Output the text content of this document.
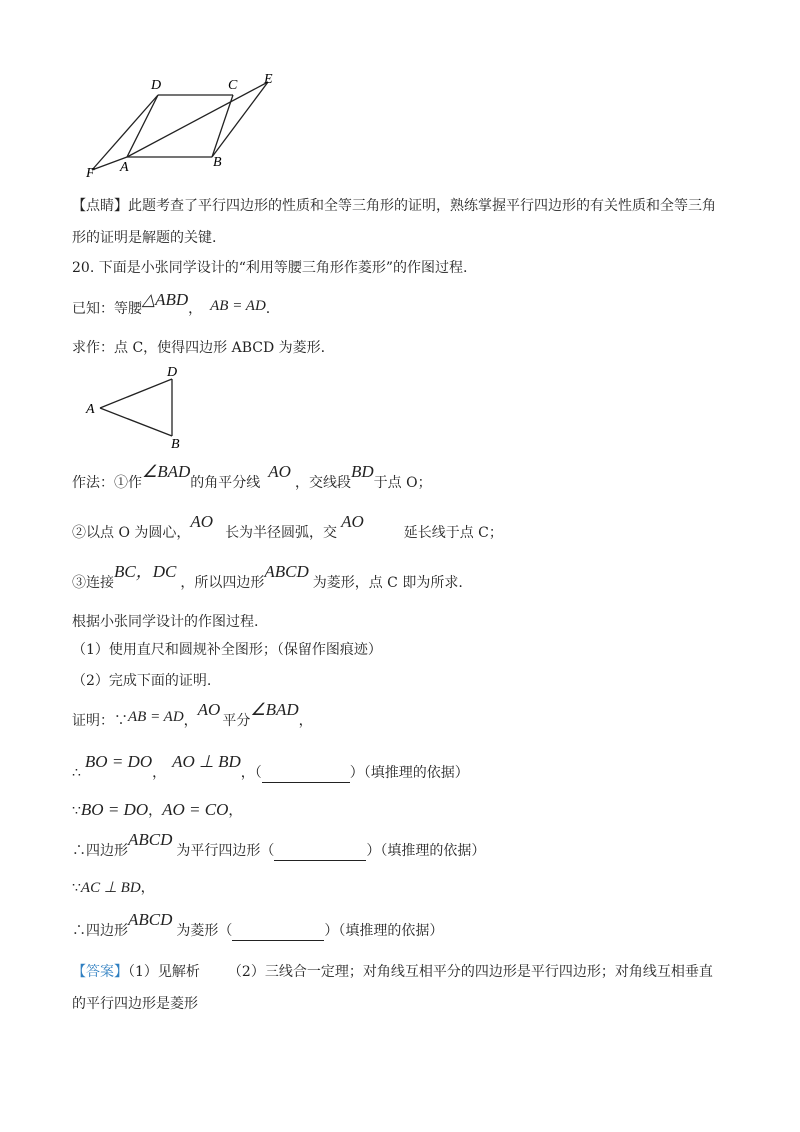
D	C E
A	B
F
【点睛】此题考查了平行四边形的性质和全等三角形的证明，熟练掌握平行四边形的有关性质和全等三角
形的证明是解题的关键.
20. 下面是小张同学设计的“利用等腰三角形作菱形”的作图过程.
已知：等腰△ABD， AB = AD.
求作：点 C，使得四边形 ABCD 为菱形.
D
A
B
作法：①作∠BAD的角平分线AO，交线段BD于点 O；
②以点 O 为圆心，AO长为半径圆弧，交AO延长线于点 C；
③连接BC，DC，所以四边形ABCD为菱形，点 C 即为所求.
根据小张同学设计的作图过程.
（1）使用直尺和圆规补全图形；（保留作图痕迹）
（2）完成下面的证明.
证明：∵AB = AD，AO平分∠BAD，
∴BO = DO，AO ⊥ BD，（	）（填推理的依据）
∵BO = DO，AO = CO，
∴四边形ABCD为平行四边形（	）（填推理的依据）
∵AC ⊥ BD，
∴四边形ABCD为菱形（	）（填推理的依据）
【答案】（1）见解析 （2）三线合一定理；对角线互相平分的四边形是平行四边形；对角线互相垂直
的平行四边形是菱形
